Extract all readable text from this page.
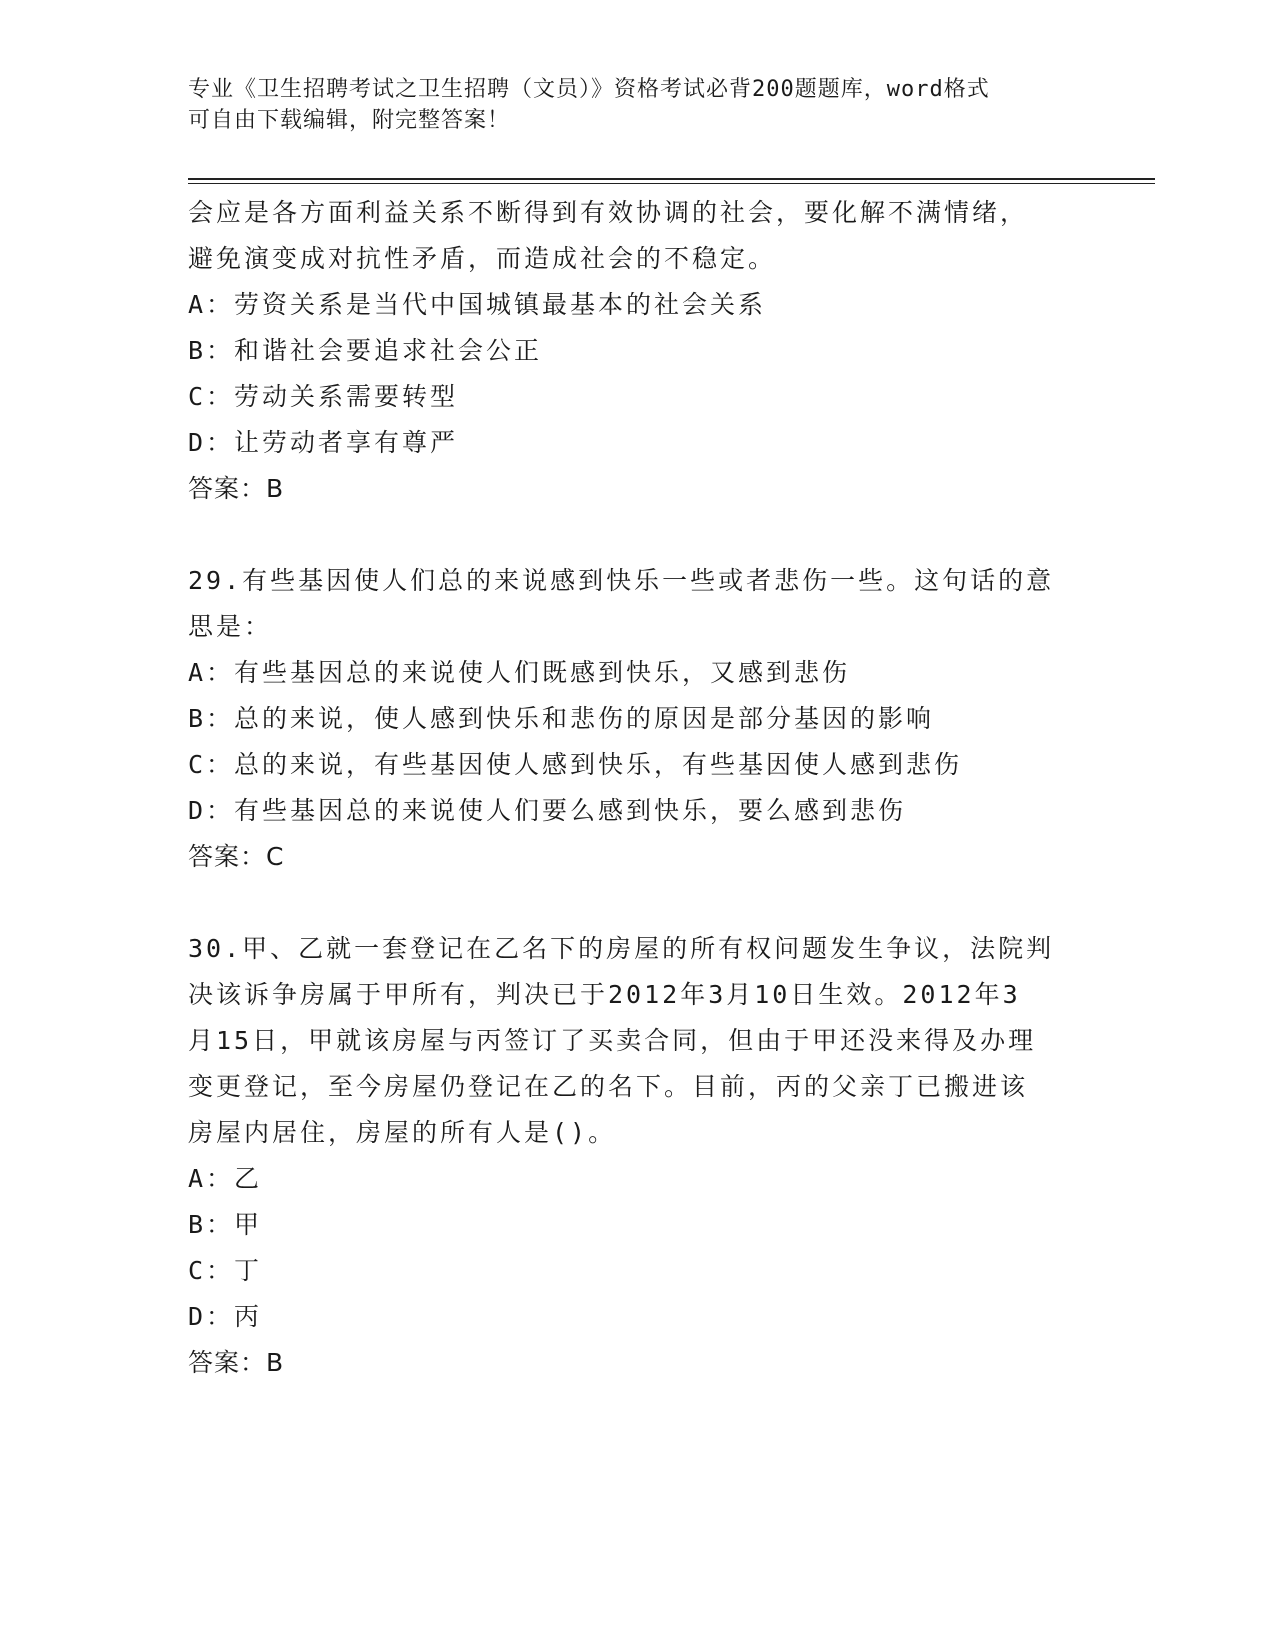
专业《卫生招聘考试之卫生招聘（文员）》资格考试必背200题题库，word格式
可自由下载编辑，附完整答案！
会应是各方面利益关系不断得到有效协调的社会，要化解不满情绪，
避免演变成对抗性矛盾，而造成社会的不稳定。
A：劳资关系是当代中国城镇最基本的社会关系
B：和谐社会要追求社会公正
C：劳动关系需要转型
D：让劳动者享有尊严
答案：B
29.有些基因使人们总的来说感到快乐一些或者悲伤一些。这句话的意
思是：
A：有些基因总的来说使人们既感到快乐，又感到悲伤
B：总的来说，使人感到快乐和悲伤的原因是部分基因的影响
C：总的来说，有些基因使人感到快乐，有些基因使人感到悲伤
D：有些基因总的来说使人们要么感到快乐，要么感到悲伤
答案：C
30.甲、乙就一套登记在乙名下的房屋的所有权问题发生争议，法院判
决该诉争房属于甲所有，判决已于2012年3月10日生效。2012年3
月15日，甲就该房屋与丙签订了买卖合同，但由于甲还没来得及办理
变更登记，至今房屋仍登记在乙的名下。目前，丙的父亲丁已搬进该
房屋内居住，房屋的所有人是()。
A：乙
B：甲
C：丁
D：丙
答案：B
